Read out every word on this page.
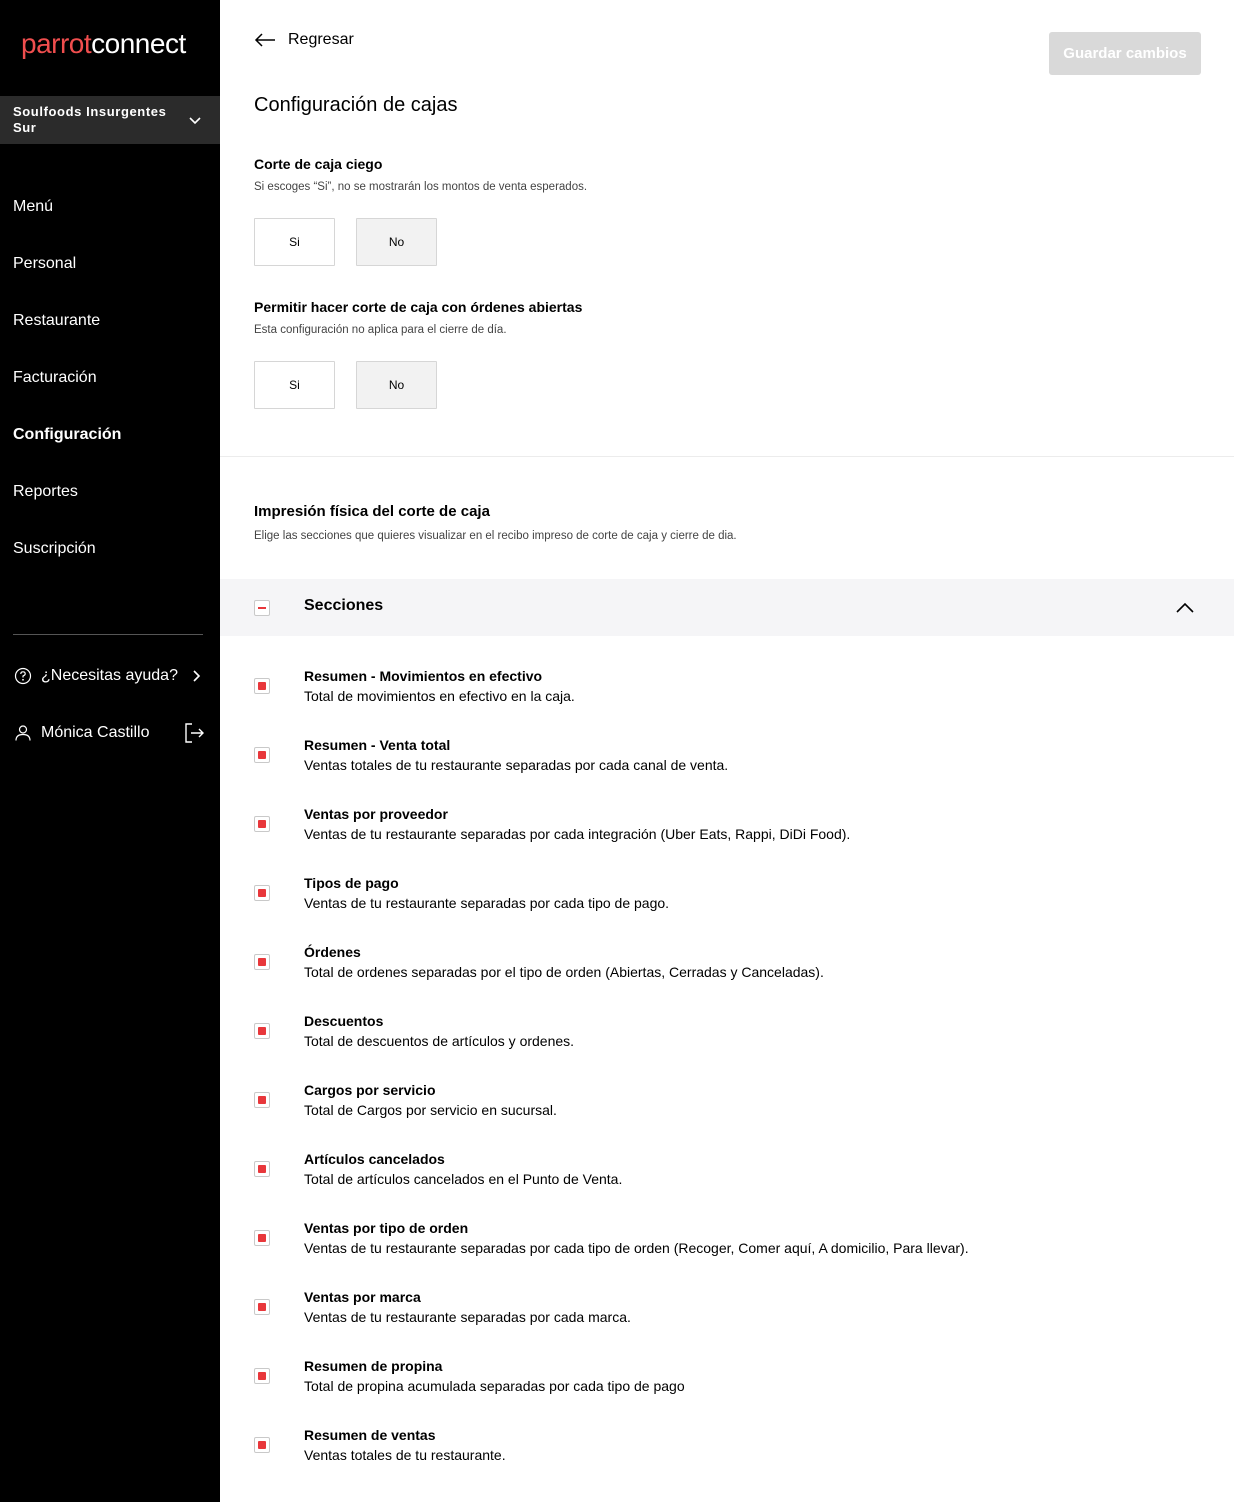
parrotconnect
Soulfoods Insurgentes Sur
Menú
Personal
Restaurante
Facturación
Configuración
Reportes
Suscripción
¿Necesitas ayuda?
Mónica Castillo
Regresar
Guardar cambios
Configuración de cajas
Corte de caja ciego
Si escoges “Si”, no se mostrarán los montos de venta esperados.
Si	No
Permitir hacer corte de caja con órdenes abiertas
Esta configuración no aplica para el cierre de día.
Si	No
Impresión física del corte de caja
Elige las secciones que quieres visualizar en el recibo impreso de corte de caja y cierre de dia.
Secciones
Resumen - Movimientos en efectivo
Total de movimientos en efectivo en la caja.
Resumen - Venta total
Ventas totales de tu restaurante separadas por cada canal de venta.
Ventas por proveedor
Ventas de tu restaurante separadas por cada integración (Uber Eats, Rappi, DiDi Food).
Tipos de pago
Ventas de tu restaurante separadas por cada tipo de pago.
Órdenes
Total de ordenes separadas por el tipo de orden (Abiertas, Cerradas y Canceladas).
Descuentos
Total de descuentos de artículos y ordenes.
Cargos por servicio
Total de Cargos por servicio en sucursal.
Artículos cancelados
Total de artículos cancelados en el Punto de Venta.
Ventas por tipo de orden
Ventas de tu restaurante separadas por cada tipo de orden (Recoger, Comer aquí, A domicilio, Para llevar).
Ventas por marca
Ventas de tu restaurante separadas por cada marca.
Resumen de propina
Total de propina acumulada separadas por cada tipo de pago
Resumen de ventas
Ventas totales de tu restaurante.
